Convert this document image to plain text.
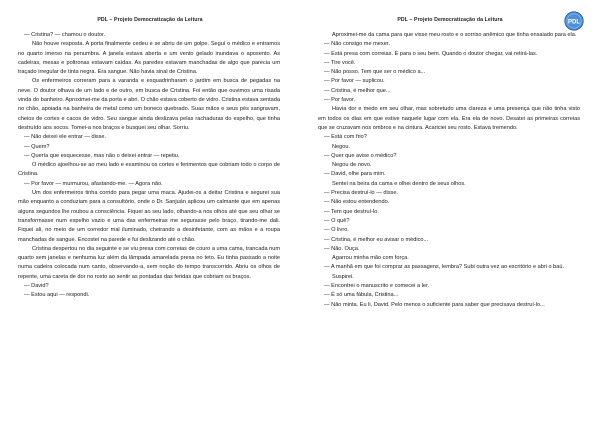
PDL – Projeto Democratização da Leitura

— Cristina? — chamou o doutor.

Não houve resposta. A porta finalmente cedeu e se abriu de um golpe. Seguí o médico e entramos no quarto imerso na penumbra. A janela estava aberta e um vento gelado inundava o aposento. As cadeiras, mesas e poltronas estavam caídas. As paredes estavam manchadas de algo que parecia um traçado irregular de tinta negra. Era sangue. Não havia sinal de Cristina.

Os enfermeiros correram para a varanda e esquadrinharam o jardim em busca de pegadas na neve. O doutor olhava de um lado e de outro, em busca de Cristina. Foi então que ouvimos uma risada vinda do banheiro. Aproximei-me da porta e abri. O chão estava coberto de vidro. Cristina estava sentada no chão, apoiada na banheira de metal como um boneco quebrado. Suas mãos e seus pés sangravam, cheios de cortes e cacos de vidro. Seu sangue ainda deslizava pelas rachaduras do espelho, que tinha destruído aos socos. Tomei-a nos braços e busquei seu olhar. Sorriu.

— Não deixei ele entrar — disse.

— Quem?

— Quería que esquecesse, mas não o deixei entrar — repetiu.

O médico ajoelhou-se ao meu lado e examinou os cortes e ferimentos que cobriam todo o corpo de Cristina.

— Por favor — murmurou, afastando-me. — Agora não.

Um dos enfermeiros tinha corrido para pegar uma maca. Ajudei-os a deitar Cristina e segurei sua mão enquanto a conduziam para a consultório, onde o Dr. Sanjuán aplicou um calmante que em apenas alguns segundos lhe roubou a consciência. Fiquei ao seu lado, olhando-a nos olhos até que seu olhar se transformasse num espelho vazio e uma das enfermeiras me segurasse pelo braço, tirando-me dali. Fiquei ali, no meio de um corredor mal iluminado, cheirando a desinfetante, com as mãos e a roupa manchadas de sangue. Encostei na parede e fui deslizando até o chão.

Cristina despertou no dia seguinte e se viu presa com correias de couro a uma cama, trancada num quarto sem janelas e nenhuma luz além da lâmpada amarelada presa no teto. Eu tinha passado a noite numa cadeira colocada num canto, observando-a, sem noção do tempo transcorrido. Abriu os olhos de repente, uma careta de dor no rosto ao sentir as pontadas das feridas que cobriam os braços.

— David?

— Estou aqui — respondi.

PDL – Projeto Democratização da Leitura	PDL

Aproximei-me da cama para que visse meu rosto e o sorriso anêmico que tinha ensaiado para ela.

— Não consigo me mexer.

— Está presa com correias. É para o seu bem. Quando o doutor chegar, vai retirá-las.

— Tire você.

— Não posso. Tem que ser o médico a...

— Por favor — suplicou.

— Cristina, é melhor que...

— Por favor.

Havia dor e medo em seu olhar, mas sobretudo uma clareza e uma presença que não tinha visto em todos os dias em que estive naquele lugar com ela. Era ela de novo. Desatei as primeiras correias que se cruzavam nos ombros e na cintura. Acariciei seu rosto. Estava tremendo.

— Está com frio?

Negou.

— Quer que avise o médico?

Negou de novo.

— David, olhe para mim.

Sentei na beira da cama e olhei dentro de seus olhos.

— Precisa destruí-lo — disse.

— Não estou entendendo.

— Tem que destruí-lo.

— O quê?

— O livro.

— Cristina, é melhor eu avisar o médico...

— Não. Ouça.

Agarrou minha mão com força.

— A manhã em que foi comprar as passagens, lembra? Subi outra vez ao escritório e abri o baú.

Suspirei.

— Encontrei o manuscrito e comecei a ler.

— É só uma fábula, Cristina...

— Não minta. Eu li, David. Pelo menos o suficiente para saber que precisava destruí-lo...
